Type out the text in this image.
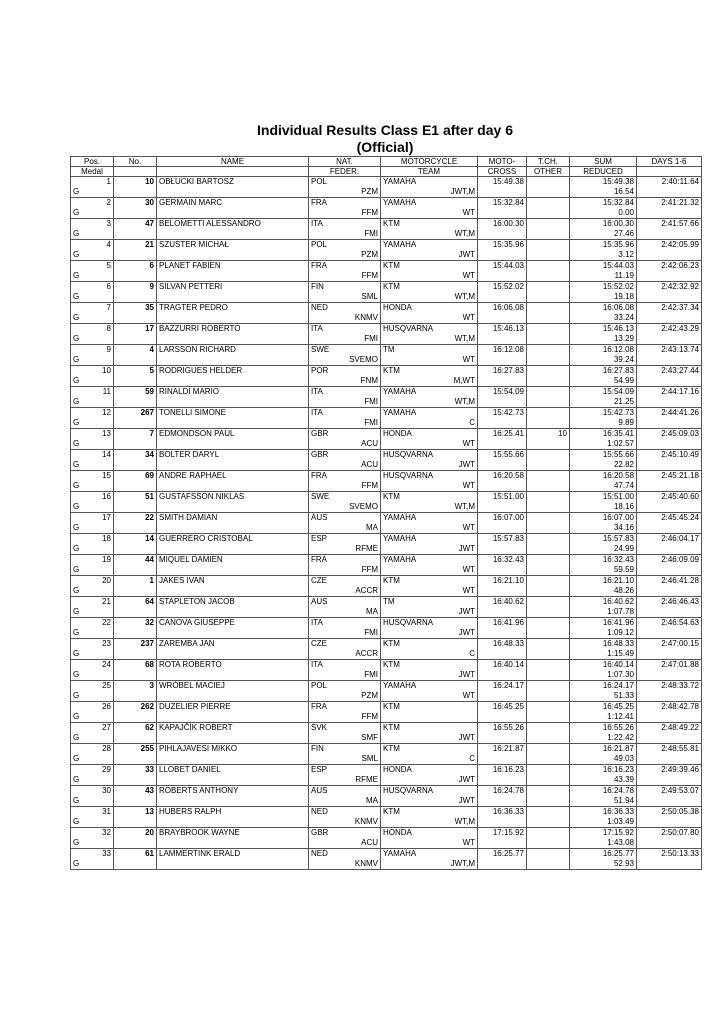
Individual Results Class E1 after day 6
(Official)
Pos.	No.	NAME	NAT.	MOTORCYCLE	MOTO-	T.CH.	SUM	DAYS 1-6
Medal			FEDER.	TEAM	CROSS	OTHER	REDUCED	
1	10	OBŁUCKI BARTOSZ	POL	YAMAHA	15:49.38		15:49.38	2:40:11.64
G			PZM	JWT,M			16.54	
2	30	GERMAIN MARC	FRA	YAMAHA	15:32.84		15:32.84	2:41:21.32
G			FFM	WT			0.00	
3	47	BELOMETTI ALESSANDRO	ITA	KTM	16:00.30		16:00.30	2:41:57.66
G			FMI	WT,M			27.46	
4	21	SZUSTER MICHAŁ	POL	YAMAHA	15:35.96		15:35.96	2:42:05.99
G			PZM	JWT			3.12	
5	6	PLANET FABIEN	FRA	KTM	15:44.03		15:44.03	2:42:06.23
G			FFM	WT			11.19	
6	9	SILVAN PETTERI	FIN	KTM	15:52.02		15:52.02	2:42:32.92
G			SML	WT,M			19.18	
7	35	TRAGTER PEDRO	NED	HONDA	16:06.08		16:06.08	2:42:37.34
G			KNMV	WT			33.24	
8	17	BAZZURRI ROBERTO	ITA	HUSQVARNA	15:46.13		15:46.13	2:42:43.29
G			FMI	WT,M			13.29	
9	4	LARSSON RICHARD	SWE	TM	16:12.08		16:12.08	2:43:13.74
G			SVEMO	WT			39.24	
10	5	RODRIGUES HELDER	POR	KTM	16:27.83		16:27.83	2:43:27.44
G			FNM	M,WT			54.99	
11	59	RINALDI MARIO	ITA	YAMAHA	15:54.09		15:54.09	2:44:17.16
G			FMI	WT,M			21.25	
12	267	TONELLI SIMONE	ITA	YAMAHA	15:42.73		15:42.73	2:44:41.26
G			FMI	C			9.89	
13	7	EDMONDSON PAUL	GBR	HONDA	16:25.41	10	16:35.41	2:45:09.03
G			ACU	WT			1:02.57	
14	34	BOLTER DARYL	GBR	HUSQVARNA	15:55.66		15:55.66	2:45:10.49
G			ACU	JWT			22.82	
15	69	ANDRE RAPHAEL	FRA	HUSQVARNA	16:20.58		16:20.58	2:45:21.18
G			FFM	WT			47.74	
16	51	GUSTAFSSON NIKLAS	SWE	KTM	15:51.00		15:51.00	2:45:40.60
G			SVEMO	WT,M			18.16	
17	22	SMITH DAMIAN	AUS	YAMAHA	16:07.00		16:07.00	2:45:45.24
G			MA	WT			34.16	
18	14	GUERRERO CRISTOBAL	ESP	YAMAHA	15:57.83		15:57.83	2:46:04.17
G			RFME	JWT			24.99	
19	44	MIQUEL DAMIEN	FRA	YAMAHA	16:32.43		16:32.43	2:46:09.09
G			FFM	WT			59.59	
20	1	JAKES IVAN	CZE	KTM	16:21.10		16:21.10	2:46:41.28
G			ACCR	WT			48.26	
21	64	STAPLETON JACOB	AUS	TM	16:40.62		16:40.62	2:46:46.43
G			MA	JWT			1:07.78	
22	32	CANOVA GIUSEPPE	ITA	HUSQVARNA	16:41.96		16:41.96	2:46:54.63
G			FMI	JWT			1:09.12	
23	237	ZAREMBA JAN	CZE	KTM	16:48.33		16:48.33	2:47:00.15
G			ACCR	C			1:15.49	
24	68	ROTA ROBERTO	ITA	KTM	16:40.14		16:40.14	2:47:01.88
G			FMI	JWT			1:07.30	
25	3	WRÓBEL MACIEJ	POL	YAMAHA	16:24.17		16:24.17	2:48:33.72
G			PZM	WT			51.33	
26	262	DUZELIER PIERRE	FRA	KTM	16:45.25		16:45.25	2:48:42.78
G			FFM				1:12.41	
27	62	KAPAJČÍK ROBERT	SVK	KTM	16:55.26		16:55.26	2:48:49.22
G			SMF	JWT			1:22.42	
28	255	PIHLAJAVESI MIKKO	FIN	KTM	16:21.87		16:21.87	2:48:55.81
G			SML	C			49.03	
29	33	LLOBET DANIEL	ESP	HONDA	16:16.23		16:16.23	2:49:39.46
G			RFME	JWT			43.39	
30	43	ROBERTS ANTHONY	AUS	HUSQVARNA	16:24.78		16:24.78	2:49:53.07
G			MA	JWT			51.94	
31	13	HUBERS RALPH	NED	KTM	16:36.33		16:36.33	2:50:05.38
G			KNMV	WT,M			1:03.49	
32	20	BRAYBROOK WAYNE	GBR	HONDA	17:15.92		17:15.92	2:50:07.80
G			ACU	WT			1:43.08	
33	61	LAMMERTINK ERALD	NED	YAMAHA	16:25.77		16:25.77	2:50:13.33
G			KNMV	JWT,M			52.93	
